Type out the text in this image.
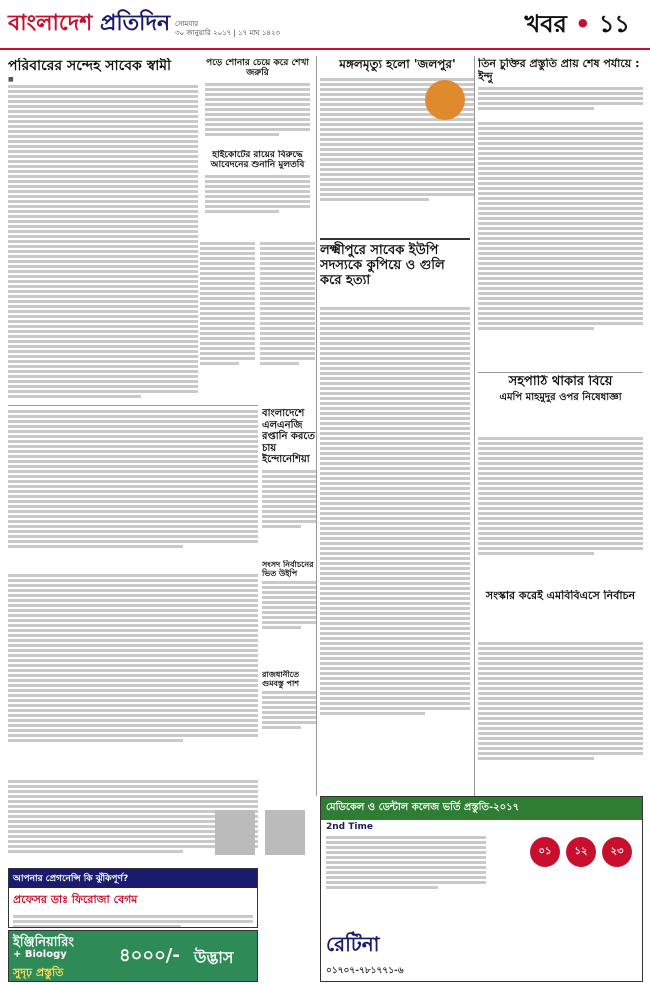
বাংলাদেশ প্রতিদিন সোমবার
৩০ জানুয়ারি ২০১৭ | ১৭ মাঘ ১৪২৩	খবর • ১১
পরিবারের সন্দেহ সাবেক স্বামী
■
পড়ে শোনার চেয়ে করে শেখা জরুরি
হাইকোর্টের রায়ের বিরুদ্ধে আবেদনের শুনানি মুলতবি
বাংলাদেশে এলএনজি রপ্তানি করতে চায় ইন্দোনেশিয়া
সংসদ নির্বাচনের ভিত উইপি
রাজধানীতে গুমবস্তু পাশ
মঙ্গলমৃত্যু হলো 'জলপুর'
লক্ষ্মীপুরে সাবেক ইউপি সদস্যকে কুপিয়ে ও গুলি করে হত্যা
তিন চুক্তির প্রস্তুতি প্রায় শেষ পর্যায়ে : ইন্দু
সহপাঠি থাকার বিয়ে
এমপি মাহমুদুর ওপর নিষেধাজ্ঞা
সংস্কার করেই এমবিবিএসে নির্বাচন
আপনার প্রেগনেন্সি কি ঝুঁকিপূর্ণ?
প্রফেসর ডাঃ ফিরোজা বেগম
ইঞ্জিনিয়ারিং
+ Biology
সুদৃঢ় প্রস্তুতি
৪০০০/- উদ্ভাস
মেডিকেল ও ডেন্টাল কলেজ ভর্তি প্রস্তুতি-২০১৭
2nd Time
০১	১২	২৩
রেটিনা
০১৭০৭-৭৮১৭৭১-৬
